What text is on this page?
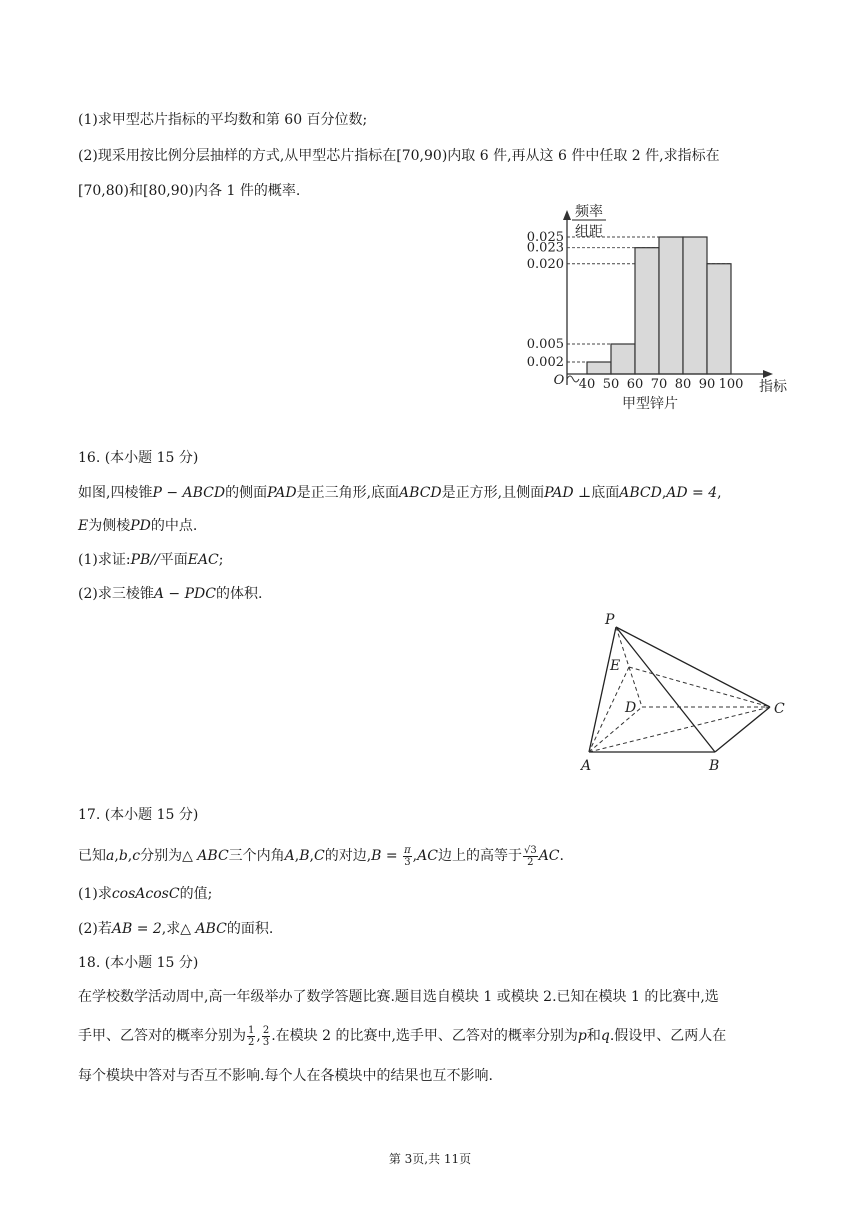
(1)求甲型芯片指标的平均数和第 60 百分位数;
(2)现采用按比例分层抽样的方式,从甲型芯片指标在[70,90)内取 6 件,再从这 6 件中任取 2 件,求指标在
[70,80)和[80,90)内各 1 件的概率.
频率
组距
O	指标
甲型锌片
0.025
0.023
0.020
0.005
0.002
40 50 60 70 80 90 100
16. (本小题 15 分)
如图,四棱锥P − ABCD的侧面PAD是正三角形,底面ABCD是正方形,且侧面PAD ⊥底面ABCD,AD = 4,
E为侧棱PD的中点.
(1)求证:PB//平面EAC;
(2)求三棱锥A − PDC的体积.
P
E
D	C
A	B
17. (本小题 15 分)
已知a,b,c分别为△ ABC三个内角A,B,C的对边$,B = \frac{\pi}{3} ,AC$边上的高等于 $\frac{√3}{2}$ AC.
(1)求cosAcosC的值;
(2)若AB = 2,求△ ABC的面积.
18. (本小题 15 分)
在学校数学活动周中,高一年级举办了数学答题比赛.题目选自模块 1 或模块 2.已知在模块 1 的比赛中,选
手甲、乙答对的概率分别为 $\frac{1}{2}$ , $\frac{2}{3}$ .在模块 2 的比赛中,选手甲、乙答对的概率分别为p和q.假设甲、乙两人在
每个模块中答对与否互不影响.每个人在各模块中的结果也互不影响.
第 3页,共 11页
